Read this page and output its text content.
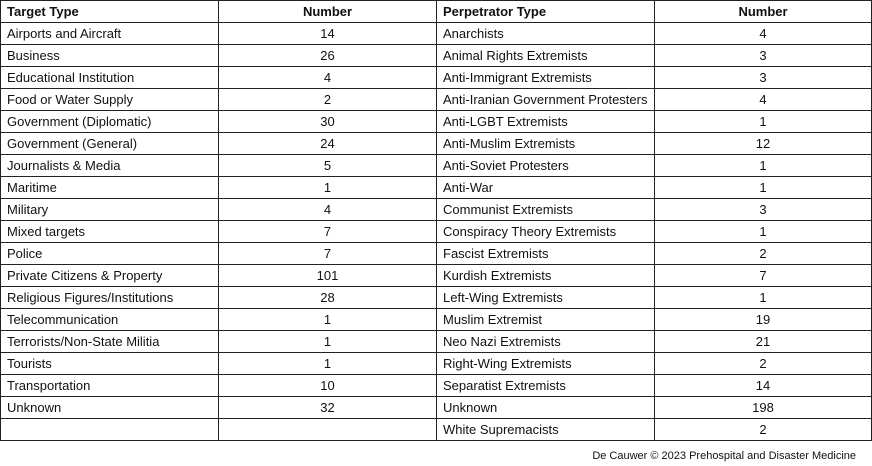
Target Type	Number	Perpetrator Type	Number
Airports and Aircraft	14	Anarchists	4
Business	26	Animal Rights Extremists	3
Educational Institution	4	Anti-Immigrant Extremists	3
Food or Water Supply	2	Anti-Iranian Government Protesters	4
Government (Diplomatic)	30	Anti-LGBT Extremists	1
Government (General)	24	Anti-Muslim Extremists	12
Journalists & Media	5	Anti-Soviet Protesters	1
Maritime	1	Anti-War	1
Military	4	Communist Extremists	3
Mixed targets	7	Conspiracy Theory Extremists	1
Police	7	Fascist Extremists	2
Private Citizens & Property	101	Kurdish Extremists	7
Religious Figures/Institutions	28	Left-Wing Extremists	1
Telecommunication	1	Muslim Extremist	19
Terrorists/Non-State Militia	1	Neo Nazi Extremists	21
Tourists	1	Right-Wing Extremists	2
Transportation	10	Separatist Extremists	14
Unknown	32	Unknown	198
		White Supremacists	2
De Cauwer © 2023 Prehospital and Disaster Medicine
